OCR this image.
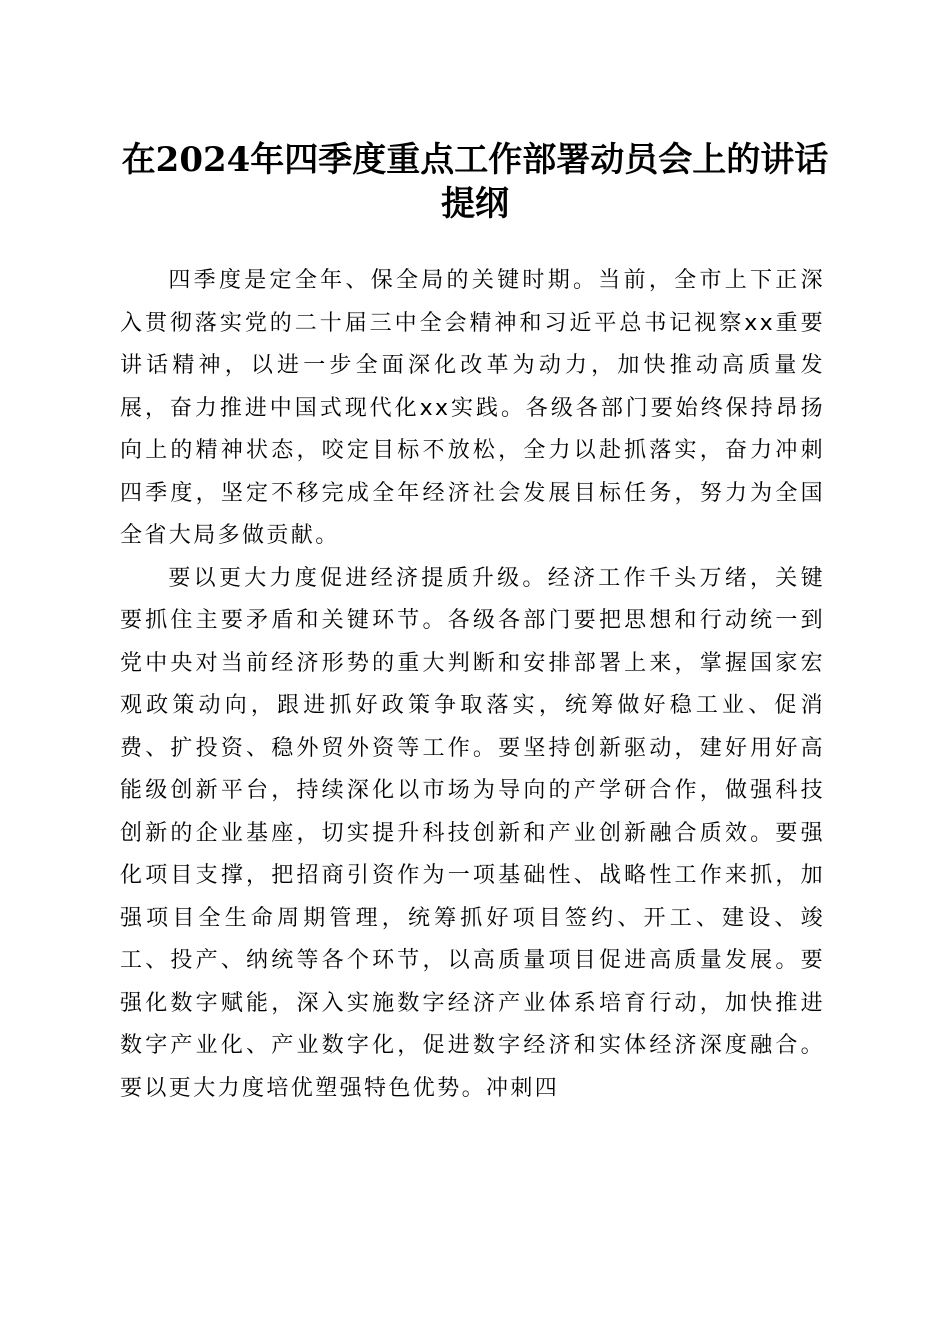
在2024年四季度重点工作部署动员会上的讲话提纲

四季度是定全年、保全局的关键时期。当前，全市上下正深入贯彻落实党的二十届三中全会精神和习近平总书记视察xx重要讲话精神，以进一步全面深化改革为动力，加快推动高质量发展，奋力推进中国式现代化xx实践。各级各部门要始终保持昂扬向上的精神状态，咬定目标不放松，全力以赴抓落实，奋力冲刺四季度，坚定不移完成全年经济社会发展目标任务，努力为全国全省大局多做贡献。

要以更大力度促进经济提质升级。经济工作千头万绪，关键要抓住主要矛盾和关键环节。各级各部门要把思想和行动统一到党中央对当前经济形势的重大判断和安排部署上来，掌握国家宏观政策动向，跟进抓好政策争取落实，统筹做好稳工业、促消费、扩投资、稳外贸外资等工作。要坚持创新驱动，建好用好高能级创新平台，持续深化以市场为导向的产学研合作，做强科技创新的企业基座，切实提升科技创新和产业创新融合质效。要强化项目支撑，把招商引资作为一项基础性、战略性工作来抓，加强项目全生命周期管理，统筹抓好项目签约、开工、建设、竣工、投产、纳统等各个环节，以高质量项目促进高质量发展。要强化数字赋能，深入实施数字经济产业体系培育行动，加快推进数字产业化、产业数字化，促进数字经济和实体经济深度融合。要以更大力度培优塑强特色优势。冲刺四
